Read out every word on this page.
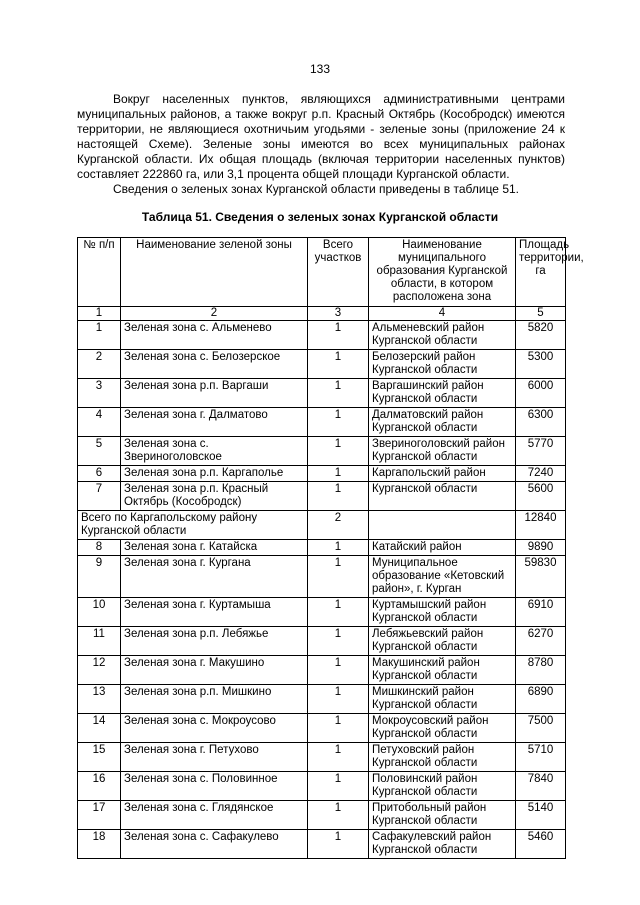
133

Вокруг населенных пунктов, являющихся административными центрами муниципальных районов, а также вокруг р.п. Красный Октябрь (Кособродск) имеются территории, не являющиеся охотничьим угодьями - зеленые зоны (приложение 24 к настоящей Схеме). Зеленые зоны имеются во всех муниципальных районах Курганской области. Их общая площадь (включая территории населенных пунктов) составляет 222860 га, или 3,1 процента общей площади Курганской области.

Сведения о зеленых зонах Курганской области приведены в таблице 51.

Таблица 51. Сведения о зеленых зонах Курганской области
№ п/п	Наименование зеленой зоны	Всего участков	Наименование муниципального образования Курганской области, в котором расположена зона	Площадь территории, га
1	2	3	4	5
1	Зеленая зона с. Альменево	1	Альменевский район Курганской области	5820
2	Зеленая зона с. Белозерское	1	Белозерский район Курганской области	5300
3	Зеленая зона р.п. Варгаши	1	Варгашинский район Курганской области	6000
4	Зеленая зона г. Далматово	1	Далматовский район Курганской области	6300
5	Зеленая зона с. Звериноголовское	1	Звериноголовский район Курганской области	5770
6	Зеленая зона р.п. Каргаполье	1	Каргапольский район	7240
7	Зеленая зона р.п. Красный Октябрь (Кособродск)	1	Курганской области	5600
Всего по Каргапольскому району Курганской области		2		12840
8	Зеленая зона г. Катайска	1	Катайский район	9890
9	Зеленая зона г. Кургана	1	Муниципальное образование «Кетовский район», г. Курган	59830
10	Зеленая зона г. Куртамыша	1	Куртамышский район Курганской области	6910
11	Зеленая зона р.п. Лебяжье	1	Лебяжьевский район Курганской области	6270
12	Зеленая зона г. Макушино	1	Макушинский район Курганской области	8780
13	Зеленая зона р.п. Мишкино	1	Мишкинский район Курганской области	6890
14	Зеленая зона с. Мокроусово	1	Мокроусовский район Курганской области	7500
15	Зеленая зона г. Петухово	1	Петуховский район Курганской области	5710
16	Зеленая зона с. Половинное	1	Половинский район Курганской области	7840
17	Зеленая зона с. Глядянское	1	Притобольный район Курганской области	5140
18	Зеленая зона с. Сафакулево	1	Сафакулевский район Курганской области	5460
